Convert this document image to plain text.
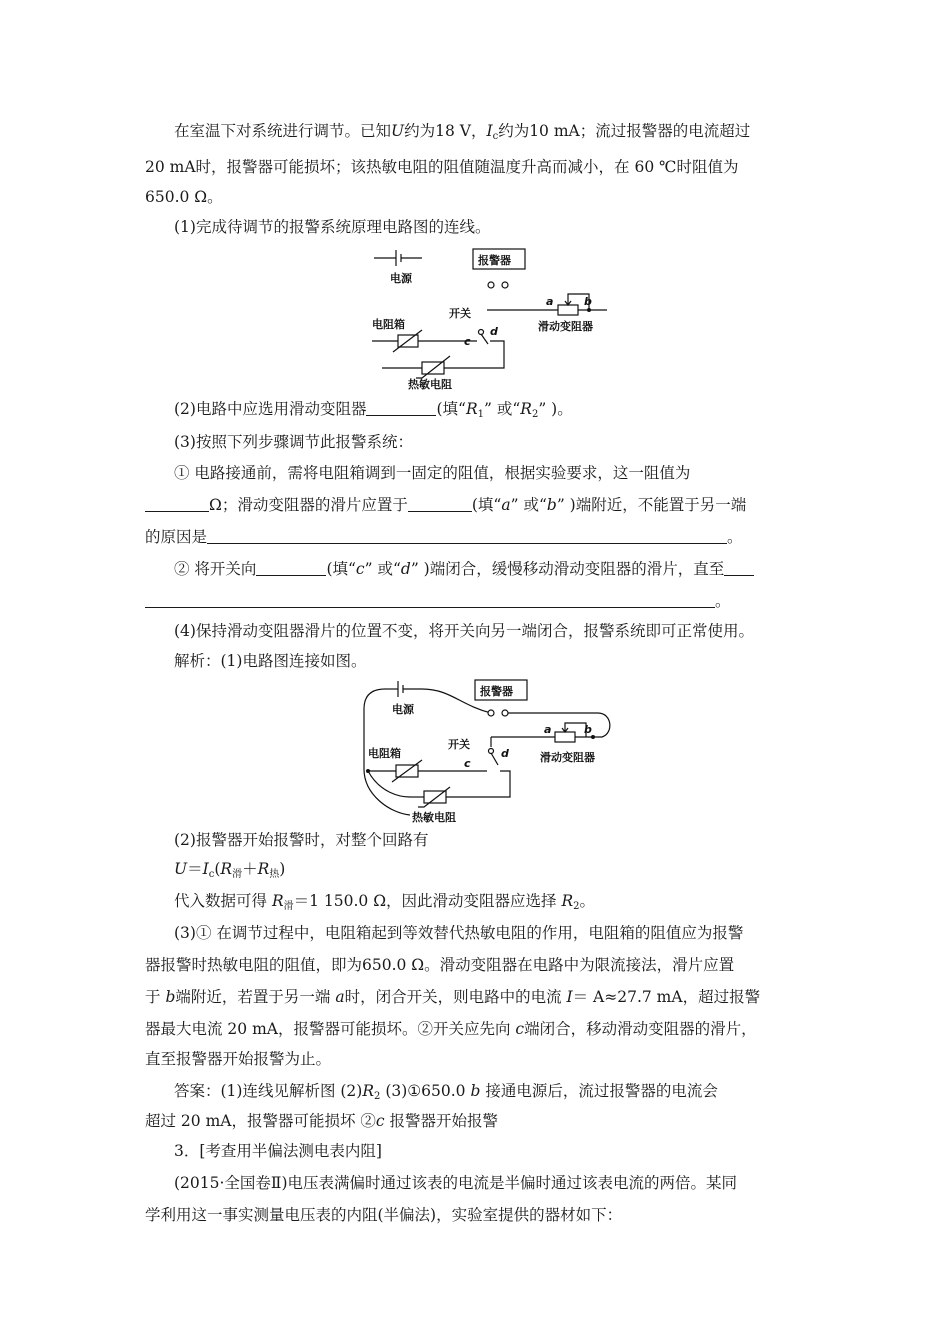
在室温下对系统进行调节。已知U约为18 V，$I_c$约为10 mA；流过报警器的电流超过
20 mA时，报警器可能损坏；该热敏电阻的阻值随温度升高而减小，在 60 ℃时阻值为
650.0 Ω。
(1)完成待调节的报警系统原理电路图的连线。
电源
报警器
a	b
滑动变阻器
开关
d
c
电阻箱
热敏电阻
(2)电路中应选用滑动变阻器	(填“$R_1$” 或“$R_2$” )。
(3)按照下列步骤调节此报警系统：
① 电路接通前，需将电阻箱调到一固定的阻值，根据实验要求，这一阻值为
Ω；滑动变阻器的滑片应置于	(填“a” 或“b” )端附近，不能置于另一端
的原因是	。
② 将开关向	(填“c” 或“d” )端闭合，缓慢移动滑动变阻器的滑片，直至
。
(4)保持滑动变阻器滑片的位置不变，将开关向另一端闭合，报警系统即可正常使用。
解析：(1)电路图连接如图。
电源
报警器
a	b
滑动变阻器
开关
d
c
电阻箱
热敏电阻
(2)报警器开始报警时，对整个回路有
$U=I_c(R_滑+R_热)$
代入数据可得 $R_滑=1$ 150.0 Ω，因此滑动变阻器应选择 $R_2$。
(3)① 在调节过程中，电阻箱起到等效替代热敏电阻的作用，电阻箱的阻值应为报警
器报警时热敏电阻的阻值，即为650.0 Ω。滑动变阻器在电路中为限流接法，滑片应置
于 b端附近，若置于另一端 a时，闭合开关，则电路中的电流 I＝ A≈27.7 mA，超过报警
器最大电流 20 mA，报警器可能损坏。②开关应先向 c端闭合，移动滑动变阻器的滑片，
直至报警器开始报警为止。
答案：(1)连线见解析图 $(2)R_2$ (3)①650.0 b 接通电源后，流过报警器的电流会
超过 20 mA，报警器可能损坏 ②c 报警器开始报警
3．[考查用半偏法测电表内阻]
(2015·全国卷Ⅱ)电压表满偏时通过该表的电流是半偏时通过该表电流的两倍。某同
学利用这一事实测量电压表的内阻(半偏法)，实验室提供的器材如下：
